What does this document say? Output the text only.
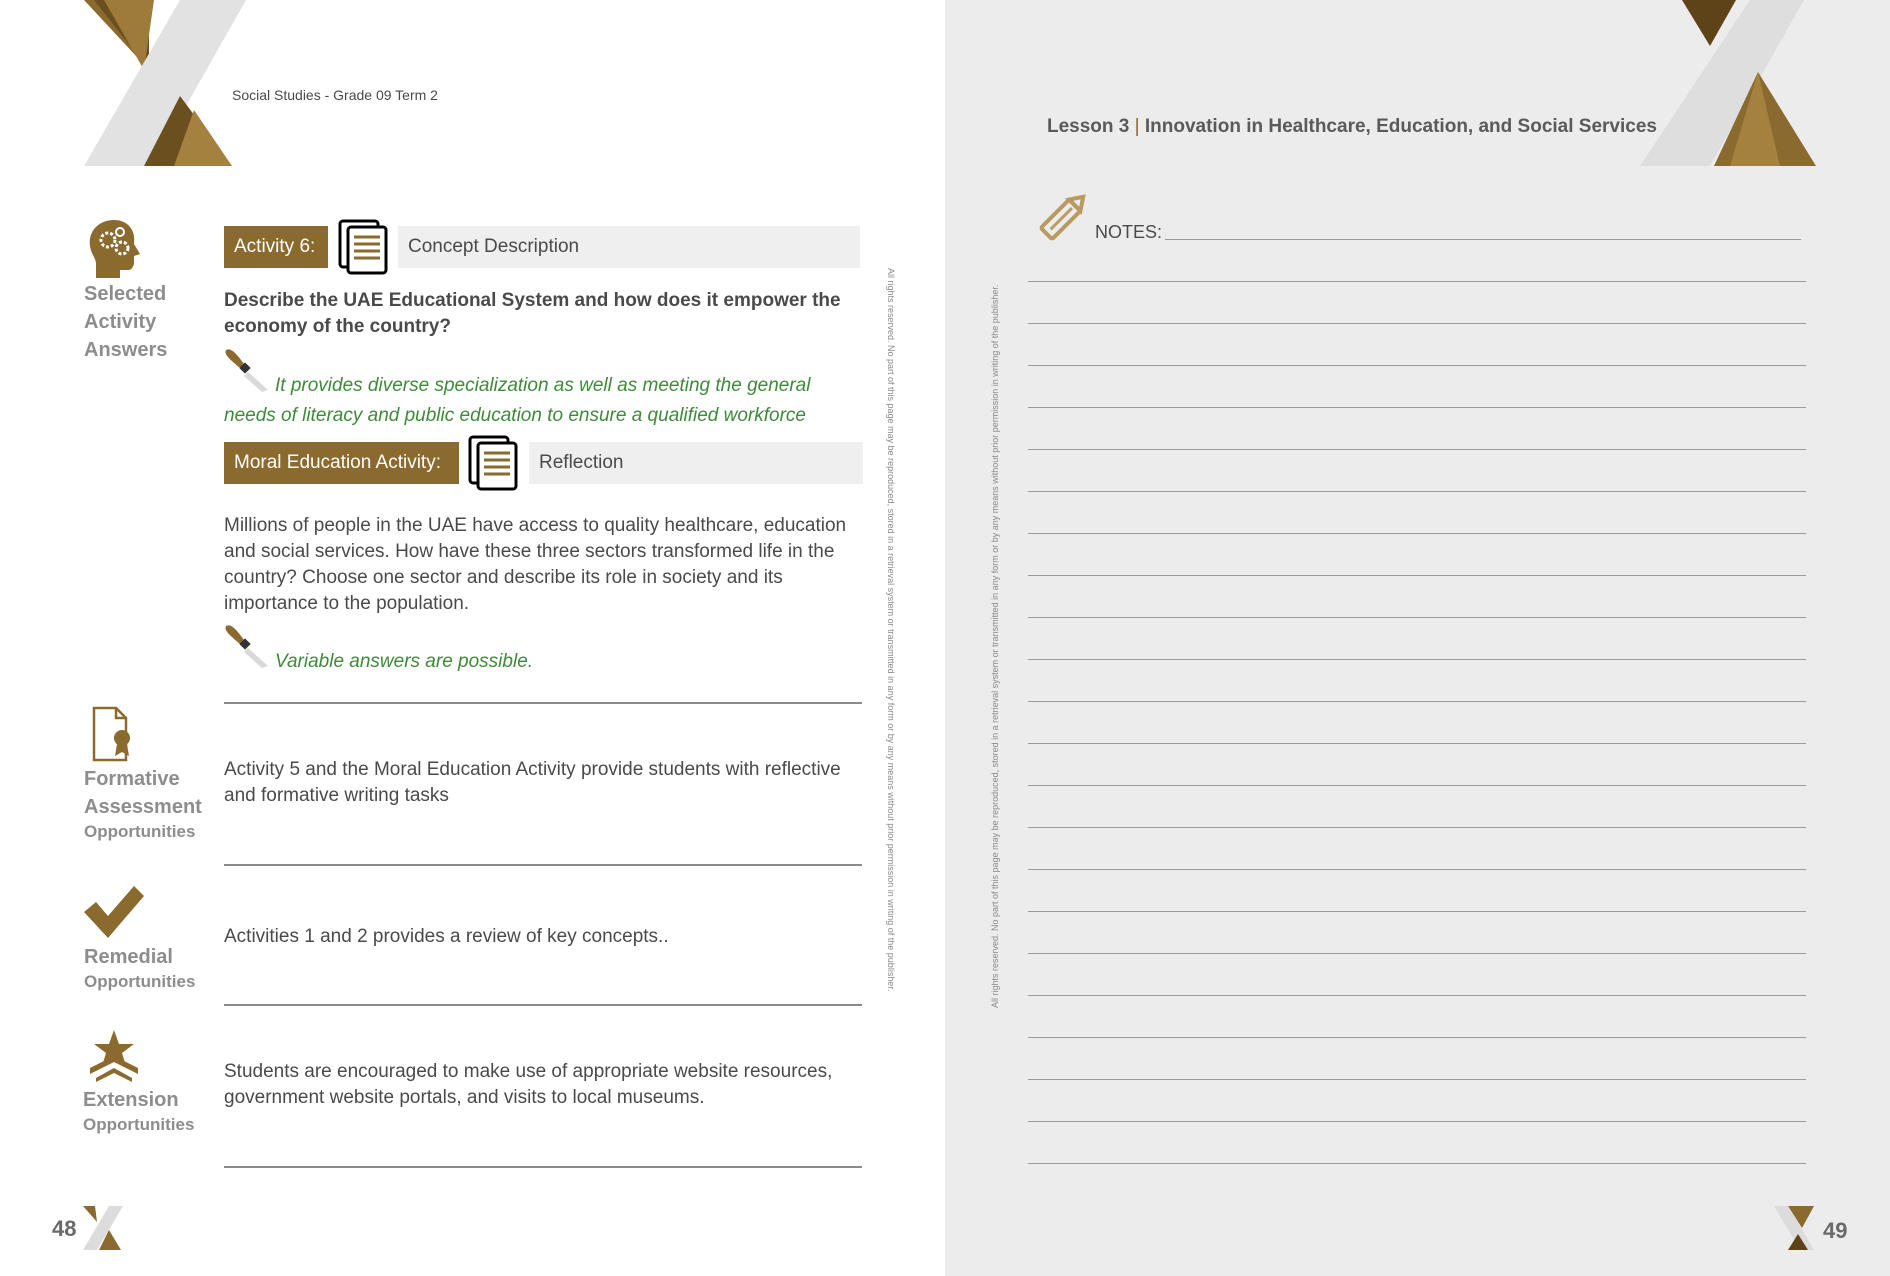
Social Studies - Grade 09 Term 2
Selected
Activity
Answers
Activity 6:	Concept Description
Describe the UAE Educational System and how does it empower the economy of the country?
It provides diverse specialization as well as meeting the general
needs of literacy and public education to ensure a qualified workforce
Moral Education Activity:	Reflection
Millions of people in the UAE have access to quality healthcare, education and social services. How have these three sectors transformed life in the country? Choose one sector and describe its role in society and its importance to the population.
Variable answers are possible.
Formative
Assessment
Opportunities
Activity 5 and the Moral Education Activity provide students with reflective and formative writing tasks
Remedial
Opportunities
Activities 1 and 2 provides a review of key concepts..
Extension
Opportunities
Students are encouraged to make use of appropriate website resources, government website portals, and visits to local museums.
All rights reserved. No part of this page may be reproduced, stored in a retrieval system or transmitted in any form or by any means without prior permission in writing of the publisher.
48
Lesson 3 | Innovation in Healthcare, Education, and Social Services
NOTES:
All rights reserved. No part of this page may be reproduced, stored in a retrieval system or transmitted in any form or by any means without prior permission in writing of the publisher.
49
